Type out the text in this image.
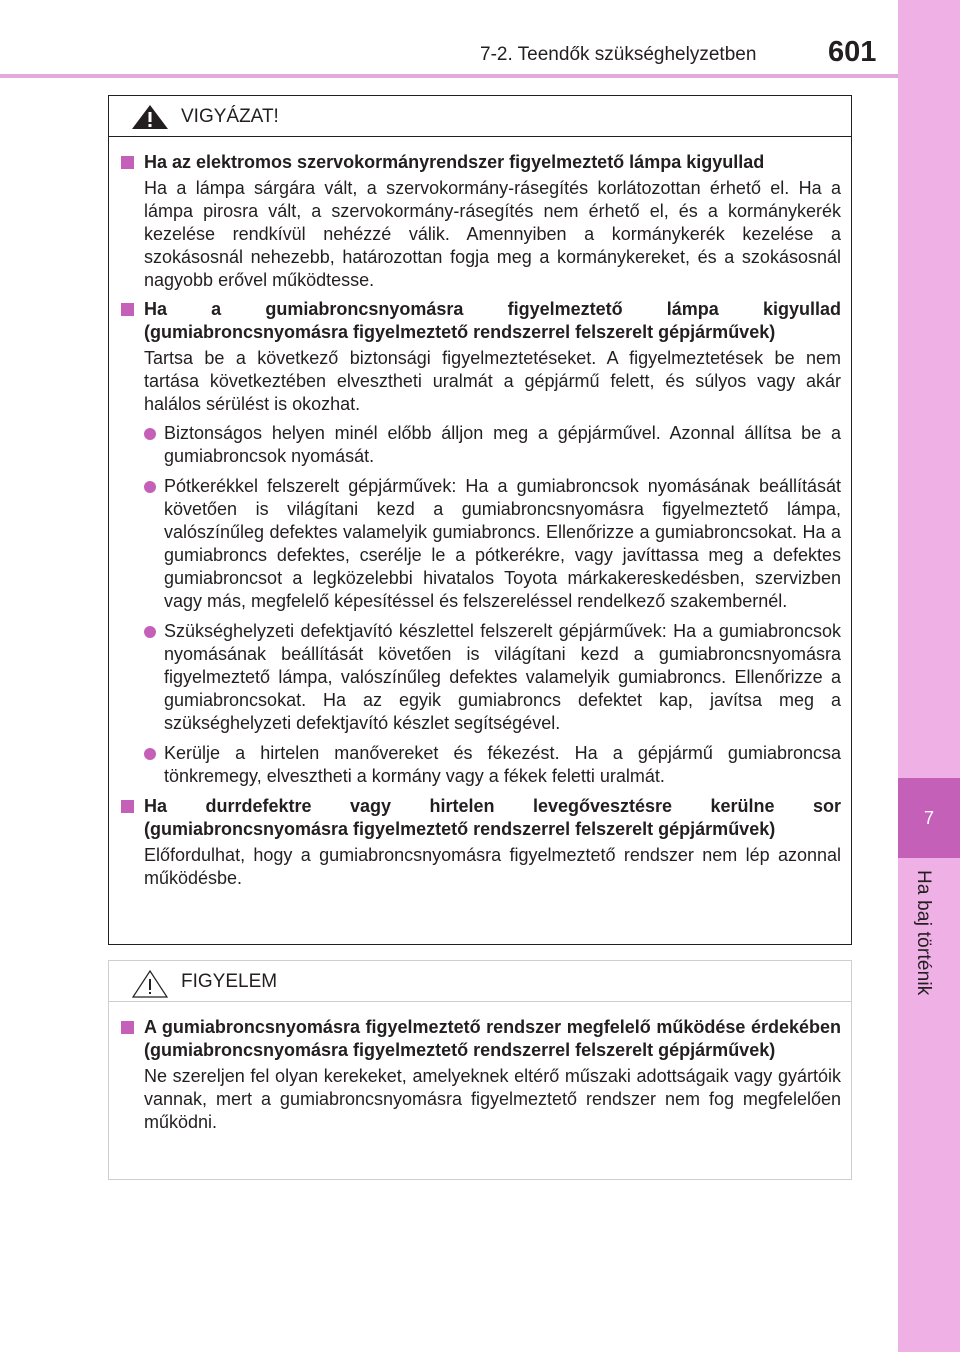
7-2. Teendők szükséghelyzetben 601
7
Ha baj történik
VIGYÁZAT!
Ha az elektromos szervokormányrendszer figyelmeztető lámpa kigyullad
Ha a lámpa sárgára vált, a szervokormány-rásegítés korlátozottan érhető el. Ha a lámpa pirosra vált, a szervokormány-rásegítés nem érhető el, és a kormánykerék kezelése rendkívül nehézzé válik. Amennyiben a kormánykerék kezelése a szokásosnál nehezebb, határozottan fogja meg a kormánykereket, és a szokásosnál nagyobb erővel működtesse.
Ha a gumiabroncsnyomásra figyelmeztető lámpa kigyullad (gumiabroncsnyomásra figyelmeztető rendszerrel felszerelt gépjárművek)
Tartsa be a következő biztonsági figyelmeztetéseket. A figyelmeztetések be nem tartása következtében elvesztheti uralmát a gépjármű felett, és súlyos vagy akár halálos sérülést is okozhat.
Biztonságos helyen minél előbb álljon meg a gépjárművel. Azonnal állítsa be a gumiabroncsok nyomását.
Pótkerékkel felszerelt gépjárművek: Ha a gumiabroncsok nyomásának beállítását követően is világítani kezd a gumiabroncsnyomásra figyelmeztető lámpa, valószínűleg defektes valamelyik gumiabroncs. Ellenőrizze a gumiabroncsokat. Ha a gumiabroncs defektes, cserélje le a pótkerékre, vagy javíttassa meg a defektes gumiabroncsot a legközelebbi hivatalos Toyota márkakereskedésben, szervizben vagy más, megfelelő képesítéssel és felszereléssel rendelkező szakembernél.
Szükséghelyzeti defektjavító készlettel felszerelt gépjárművek: Ha a gumiabroncsok nyomásának beállítását követően is világítani kezd a gumiabroncsnyomásra figyelmeztető lámpa, valószínűleg defektes valamelyik gumiabroncs. Ellenőrizze a gumiabroncsokat. Ha az egyik gumiabroncs defektet kap, javítsa meg a szükséghelyzeti defektjavító készlet segítségével.
Kerülje a hirtelen manővereket és fékezést. Ha a gépjármű gumiabroncsa tönkremegy, elvesztheti a kormány vagy a fékek feletti uralmát.
Ha durrdefektre vagy hirtelen levegővesztésre kerülne sor (gumiabroncsnyomásra figyelmeztető rendszerrel felszerelt gépjárművek)
Előfordulhat, hogy a gumiabroncsnyomásra figyelmeztető rendszer nem lép azonnal működésbe.
FIGYELEM
A gumiabroncsnyomásra figyelmeztető rendszer megfelelő működése érdekében (gumiabroncsnyomásra figyelmeztető rendszerrel felszerelt gépjárművek)
Ne szereljen fel olyan kerekeket, amelyeknek eltérő műszaki adottságaik vagy gyártóik vannak, mert a gumiabroncsnyomásra figyelmeztető rendszer nem fog megfelelően működni.
